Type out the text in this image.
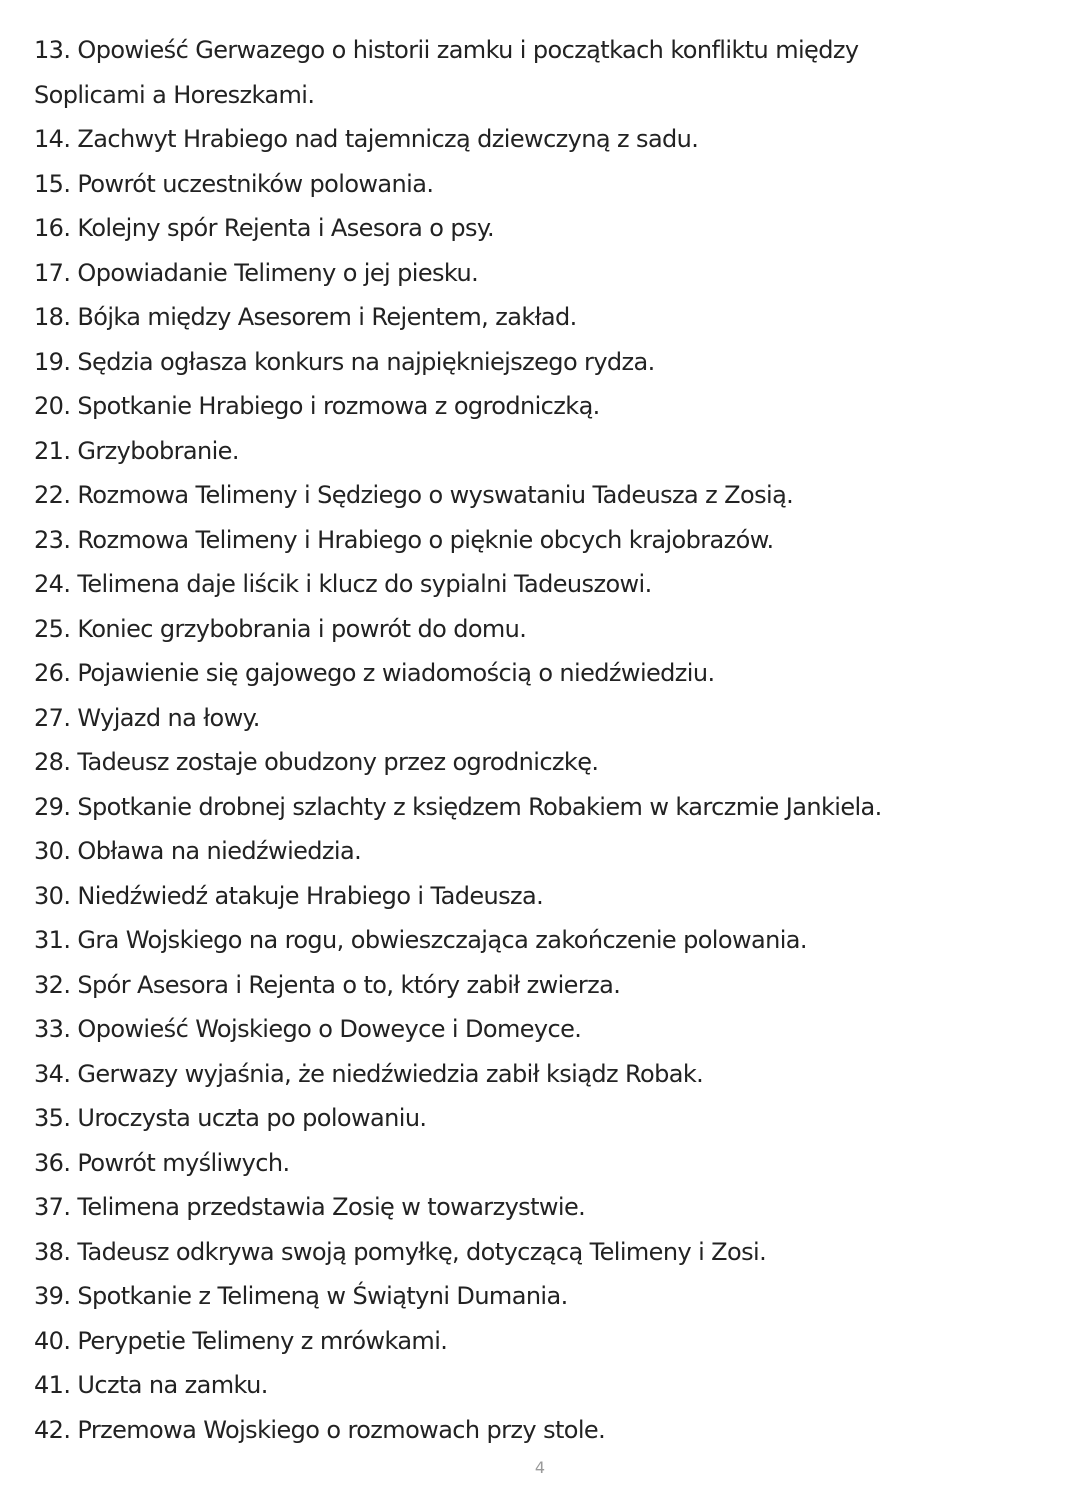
13. Opowieść Gerwazego o historii zamku i początkach konfliktu między Soplicami a Horeszkami.
14. Zachwyt Hrabiego nad tajemniczą dziewczyną z sadu.
15. Powrót uczestników polowania.
16. Kolejny spór Rejenta i Asesora o psy.
17. Opowiadanie Telimeny o jej piesku.
18. Bójka między Asesorem i Rejentem, zakład.
19. Sędzia ogłasza konkurs na najpiękniejszego rydza.
20. Spotkanie Hrabiego i rozmowa z ogrodniczką.
21. Grzybobranie.
22. Rozmowa Telimeny i Sędziego o wyswataniu Tadeusza z Zosią.
23. Rozmowa Telimeny i Hrabiego o pięknie obcych krajobrazów.
24. Telimena daje liścik i klucz do sypialni Tadeuszowi.
25. Koniec grzybobrania i powrót do domu.
26. Pojawienie się gajowego z wiadomością o niedźwiedziu.
27. Wyjazd na łowy.
28. Tadeusz zostaje obudzony przez ogrodniczkę.
29. Spotkanie drobnej szlachty z księdzem Robakiem w karczmie Jankiela.
30. Obława na niedźwiedzia.
30. Niedźwiedź atakuje Hrabiego i Tadeusza.
31. Gra Wojskiego na rogu, obwieszczająca zakończenie polowania.
32. Spór Asesora i Rejenta o to, który zabił zwierza.
33. Opowieść Wojskiego o Doweyce i Domeyce.
34. Gerwazy wyjaśnia, że niedźwiedzia zabił ksiądz Robak.
35. Uroczysta uczta po polowaniu.
36. Powrót myśliwych.
37. Telimena przedstawia Zosię w towarzystwie.
38. Tadeusz odkrywa swoją pomyłkę, dotyczącą Telimeny i Zosi.
39. Spotkanie z Telimeną w Świątyni Dumania.
40. Perypetie Telimeny z mrówkami.
41. Uczta na zamku.
42. Przemowa Wojskiego o rozmowach przy stole.
4
